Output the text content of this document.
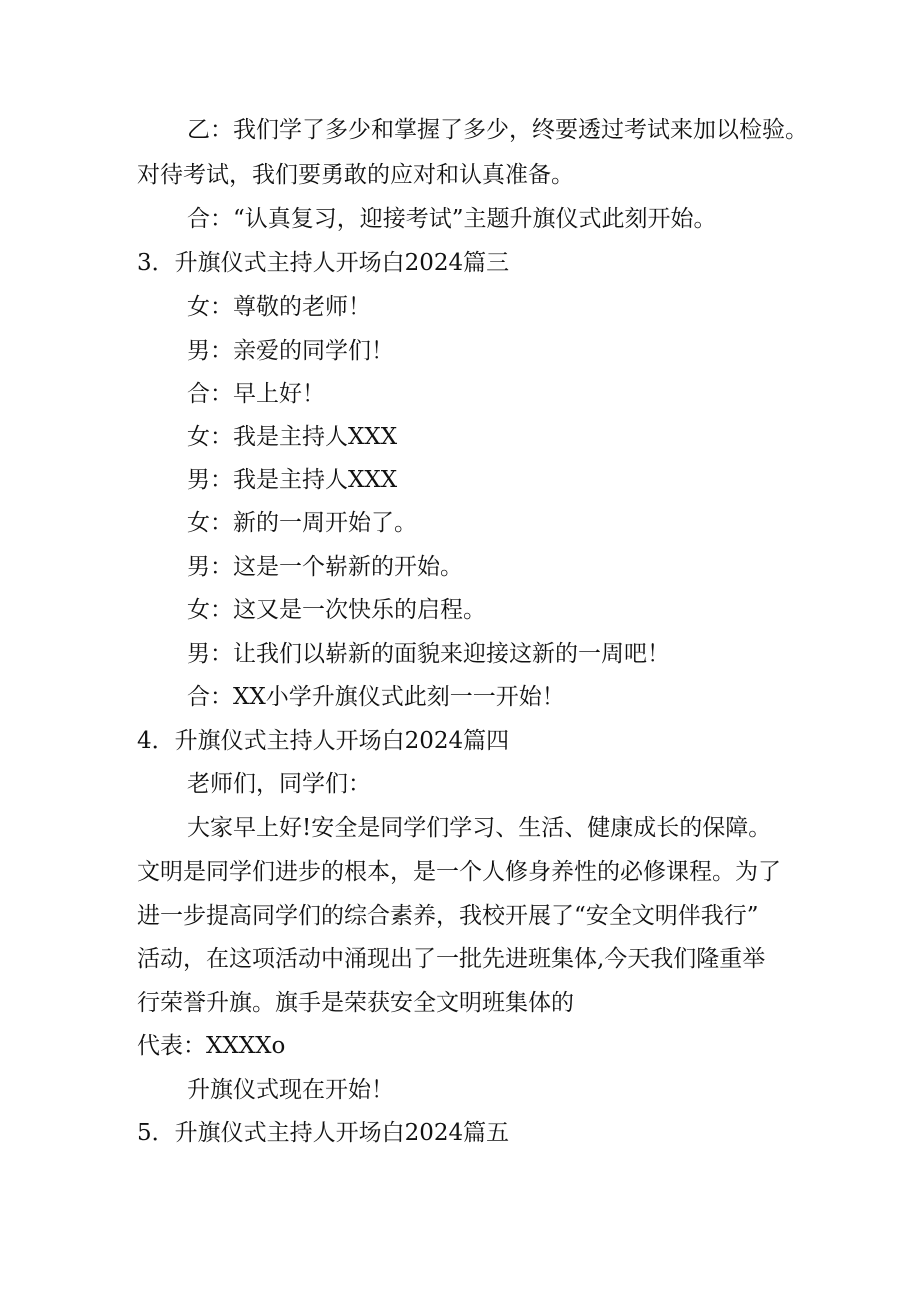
乙：我们学了多少和掌握了多少，终要透过考试来加以检验。
对待考试，我们要勇敢的应对和认真准备。
合：“认真复习，迎接考试”主题升旗仪式此刻开始。
3．升旗仪式主持人开场白2024篇三
女：尊敬的老师！
男：亲爱的同学们！
合：早上好！
女：我是主持人XXX
男：我是主持人XXX
女：新的一周开始了。
男：这是一个崭新的开始。
女：这又是一次快乐的启程。
男：让我们以崭新的面貌来迎接这新的一周吧！
合：XX小学升旗仪式此刻一一开始！
4．升旗仪式主持人开场白2024篇四
老师们，同学们：
大家早上好!安全是同学们学习、生活、健康成长的保障。
文明是同学们进步的根本，是一个人修身养性的必修课程。为了
进一步提高同学们的综合素养，我校开展了“安全文明伴我行”
活动，在这项活动中涌现出了一批先进班集体,今天我们隆重举
行荣誉升旗。旗手是荣获安全文明班集体的
代表：XXXXo
升旗仪式现在开始！
5．升旗仪式主持人开场白2024篇五
